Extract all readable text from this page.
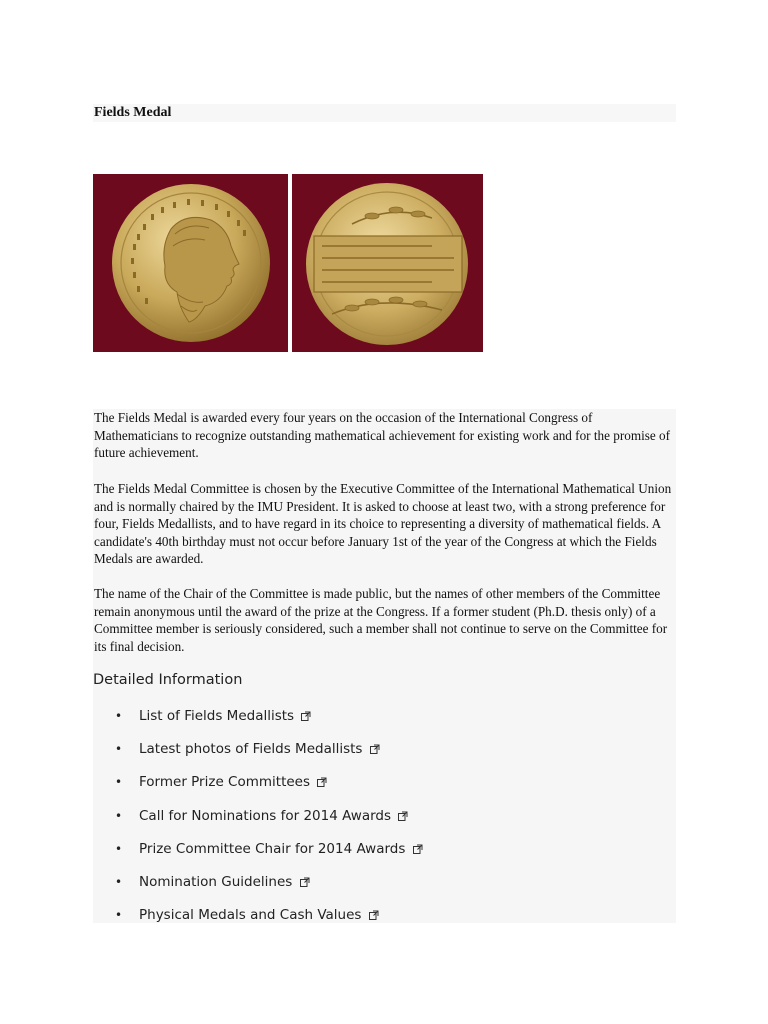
Fields Medal

The Fields Medal is awarded every four years on the occasion of the International Congress of Mathematicians to recognize outstanding mathematical achievement for existing work and for the promise of future achievement.

The Fields Medal Committee is chosen by the Executive Committee of the International Mathematical Union and is normally chaired by the IMU President. It is asked to choose at least two, with a strong preference for four, Fields Medallists, and to have regard in its choice to representing a diversity of mathematical fields. A candidate's 40th birthday must not occur before January 1st of the year of the Congress at which the Fields Medals are awarded.

The name of the Chair of the Committee is made public, but the names of other members of the Committee remain anonymous until the award of the prize at the Congress. If a former student (Ph.D. thesis only) of a Committee member is seriously considered, such a member shall not continue to serve on the Committee for its final decision.

Detailed Information
• List of Fields Medallists
• Latest photos of Fields Medallists
• Former Prize Committees
• Call for Nominations for 2014 Awards
• Prize Committee Chair for 2014 Awards
• Nomination Guidelines
• Physical Medals and Cash Values
